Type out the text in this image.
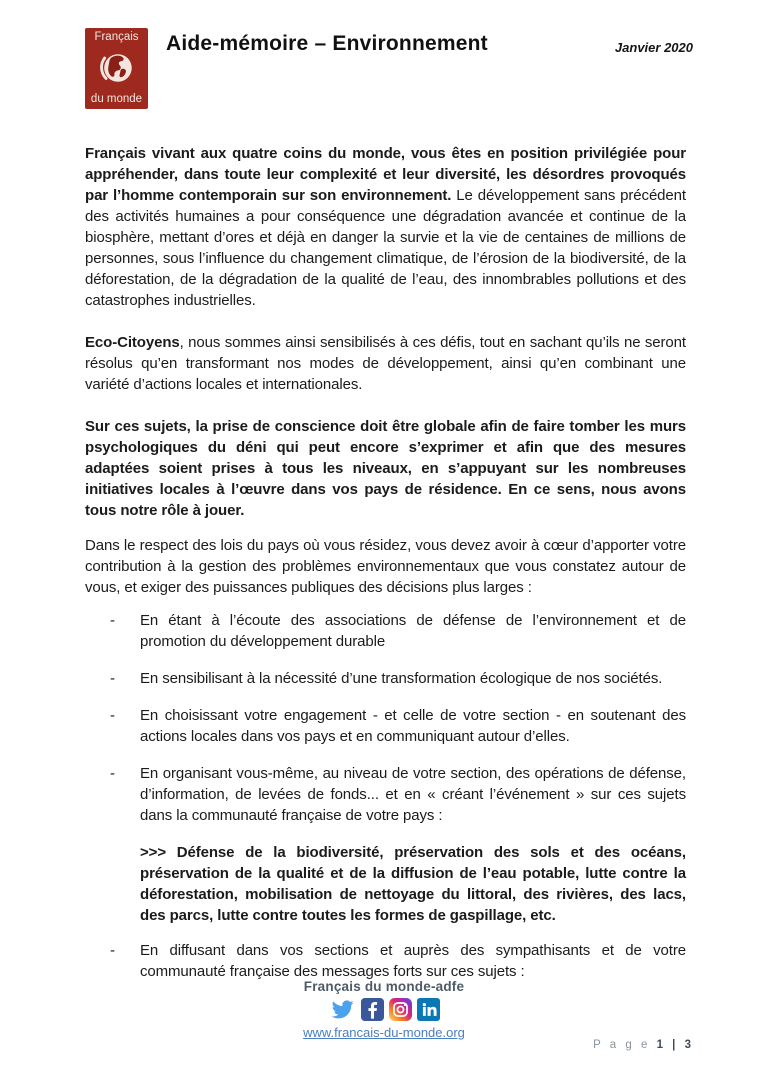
Français
du monde
Aide-mémoire – Environnement	Janvier 2020

Français vivant aux quatre coins du monde, vous êtes en position privilégiée pour appréhender, dans toute leur complexité et leur diversité, les désordres provoqués par l’homme contemporain sur son environnement. Le développement sans précédent des activités humaines a pour conséquence une dégradation avancée et continue de la biosphère, mettant d’ores et déjà en danger la survie et la vie de centaines de millions de personnes, sous l’influence du changement climatique, de l’érosion de la biodiversité, de la déforestation, de la dégradation de la qualité de l’eau, des innombrables pollutions et des catastrophes industrielles.

Eco-Citoyens, nous sommes ainsi sensibilisés à ces défis, tout en sachant qu’ils ne seront résolus qu’en transformant nos modes de développement, ainsi qu’en combinant une variété d’actions locales et internationales.

Sur ces sujets, la prise de conscience doit être globale afin de faire tomber les murs psychologiques du déni qui peut encore s’exprimer et afin que des mesures adaptées soient prises à tous les niveaux, en s’appuyant sur les nombreuses initiatives locales à l’œuvre dans vos pays de résidence. En ce sens, nous avons tous notre rôle à jouer.

Dans le respect des lois du pays où vous résidez, vous devez avoir à cœur d’apporter votre contribution à la gestion des problèmes environnementaux que vous constatez autour de vous, et exiger des puissances publiques des décisions plus larges :

- En étant à l’écoute des associations de défense de l’environnement et de promotion du développement durable
- En sensibilisant à la nécessité d’une transformation écologique de nos sociétés.
- En choisissant votre engagement - et celle de votre section - en soutenant des actions locales dans vos pays et en communiquant autour d’elles.
- En organisant vous-même, au niveau de votre section, des opérations de défense, d’information, de levées de fonds... et en « créant l’événement » sur ces sujets dans la communauté française de votre pays :

>>> Défense de la biodiversité, préservation des sols et des océans, préservation de la qualité et de la diffusion de l’eau potable, lutte contre la déforestation, mobilisation de nettoyage du littoral, des rivières, des lacs, des parcs, lutte contre toutes les formes de gaspillage, etc.

- En diffusant dans vos sections et auprès des sympathisants et de votre communauté française des messages forts sur ces sujets :
Français du monde-adfe
www.francais-du-monde.org
P a g e 1 | 3
